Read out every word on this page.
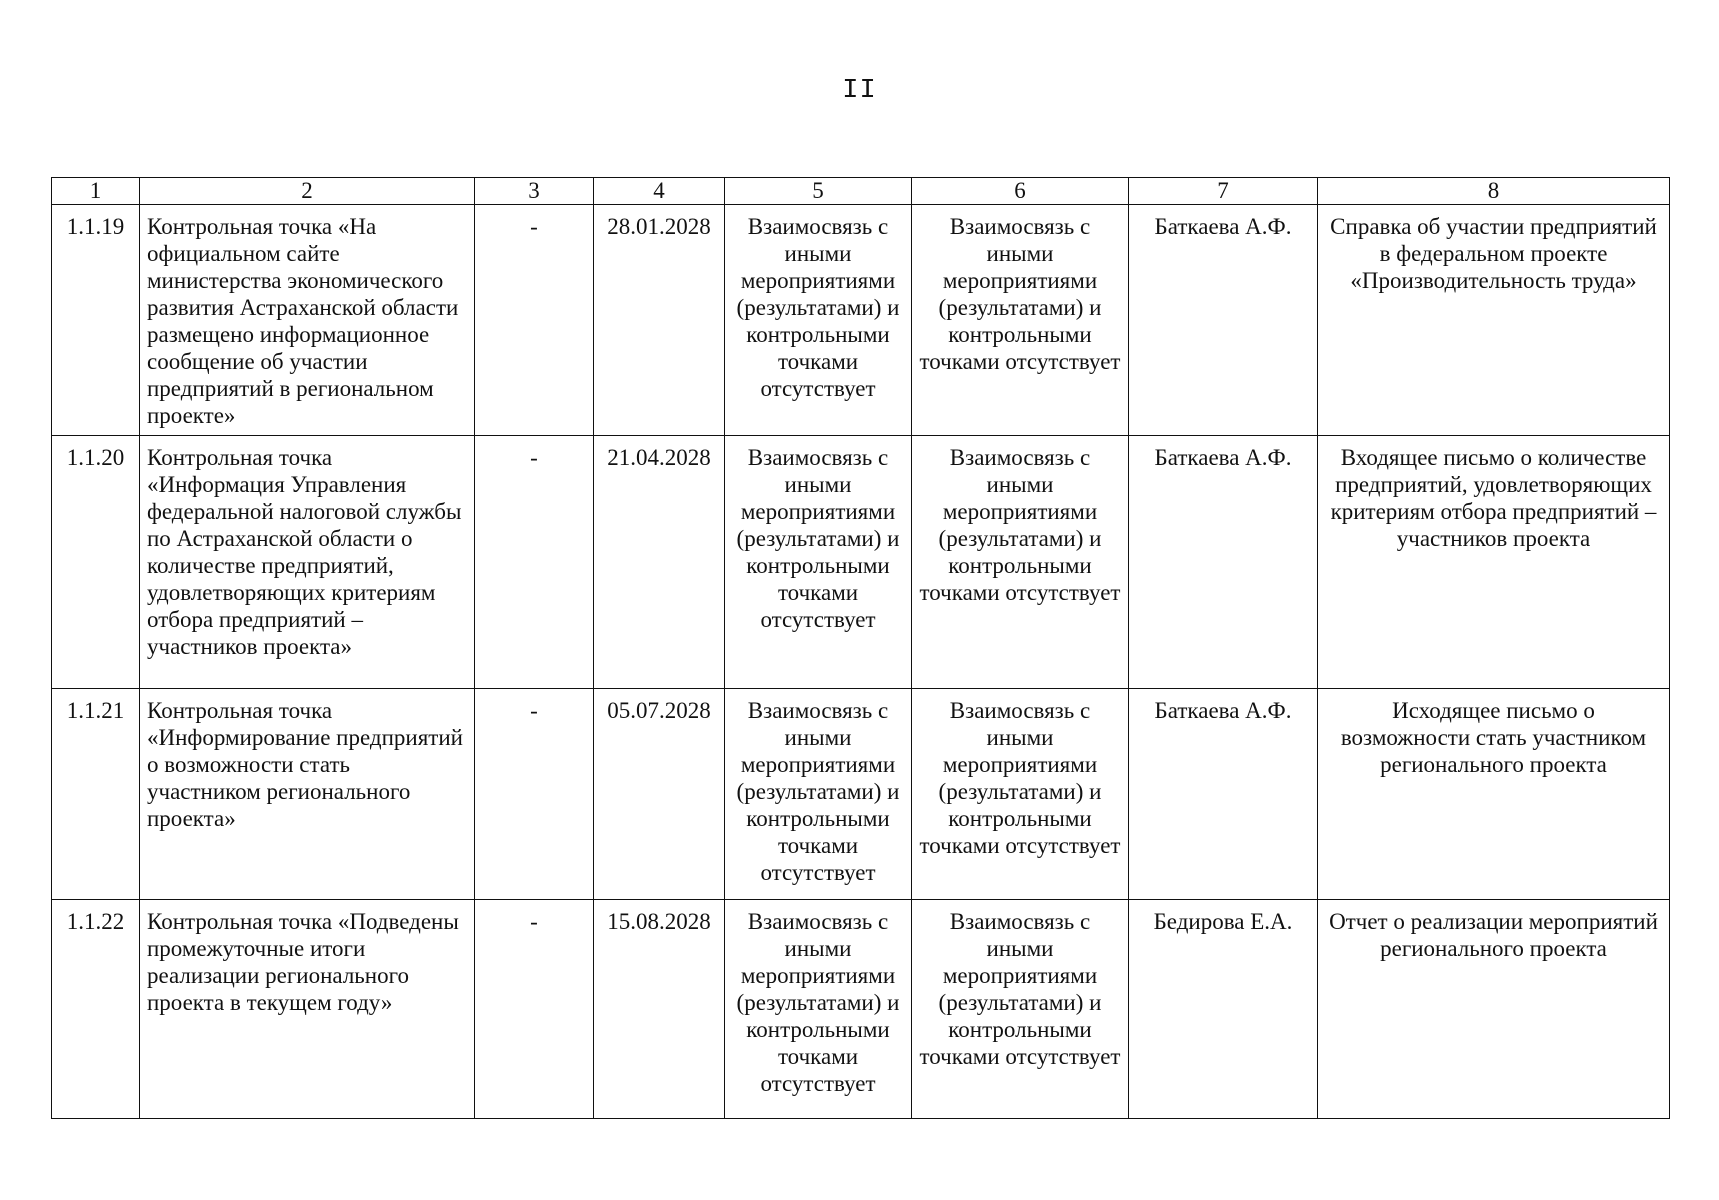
II
1	2	3	4	5	6	7	8
1.1.19	Контрольная точка «На официальном сайте министерства экономического развития Астраханской области размещено информационное сообщение об участии предприятий в региональном проекте»	-	28.01.2028	Взаимосвязь с иными мероприятиями (результатами) и контрольными точками отсутствует	Взаимосвязь с иными мероприятиями (результатами) и контрольными точками отсутствует	Баткаева А.Ф.	Справка об участии предприятий в федеральном проекте «Производительность труда»
1.1.20	Контрольная точка «Информация Управления федеральной налоговой службы по Астраханской области о количестве предприятий, удовлетворяющих критериям отбора предприятий – участников проекта»	-	21.04.2028	Взаимосвязь с иными мероприятиями (результатами) и контрольными точками отсутствует	Взаимосвязь с иными мероприятиями (результатами) и контрольными точками отсутствует	Баткаева А.Ф.	Входящее письмо о количестве предприятий, удовлетворяющих критериям отбора предприятий – участников проекта
1.1.21	Контрольная точка «Информирование предприятий о возможности стать участником регионального проекта»	-	05.07.2028	Взаимосвязь с иными мероприятиями (результатами) и контрольными точками отсутствует	Взаимосвязь с иными мероприятиями (результатами) и контрольными точками отсутствует	Баткаева А.Ф.	Исходящее письмо о возможности стать участником регионального проекта
1.1.22	Контрольная точка «Подведены промежуточные итоги реализации регионального проекта в текущем году»	-	15.08.2028	Взаимосвязь с иными мероприятиями (результатами) и контрольными точками отсутствует	Взаимосвязь с иными мероприятиями (результатами) и контрольными точками отсутствует	Бедирова Е.А.	Отчет о реализации мероприятий регионального проекта
